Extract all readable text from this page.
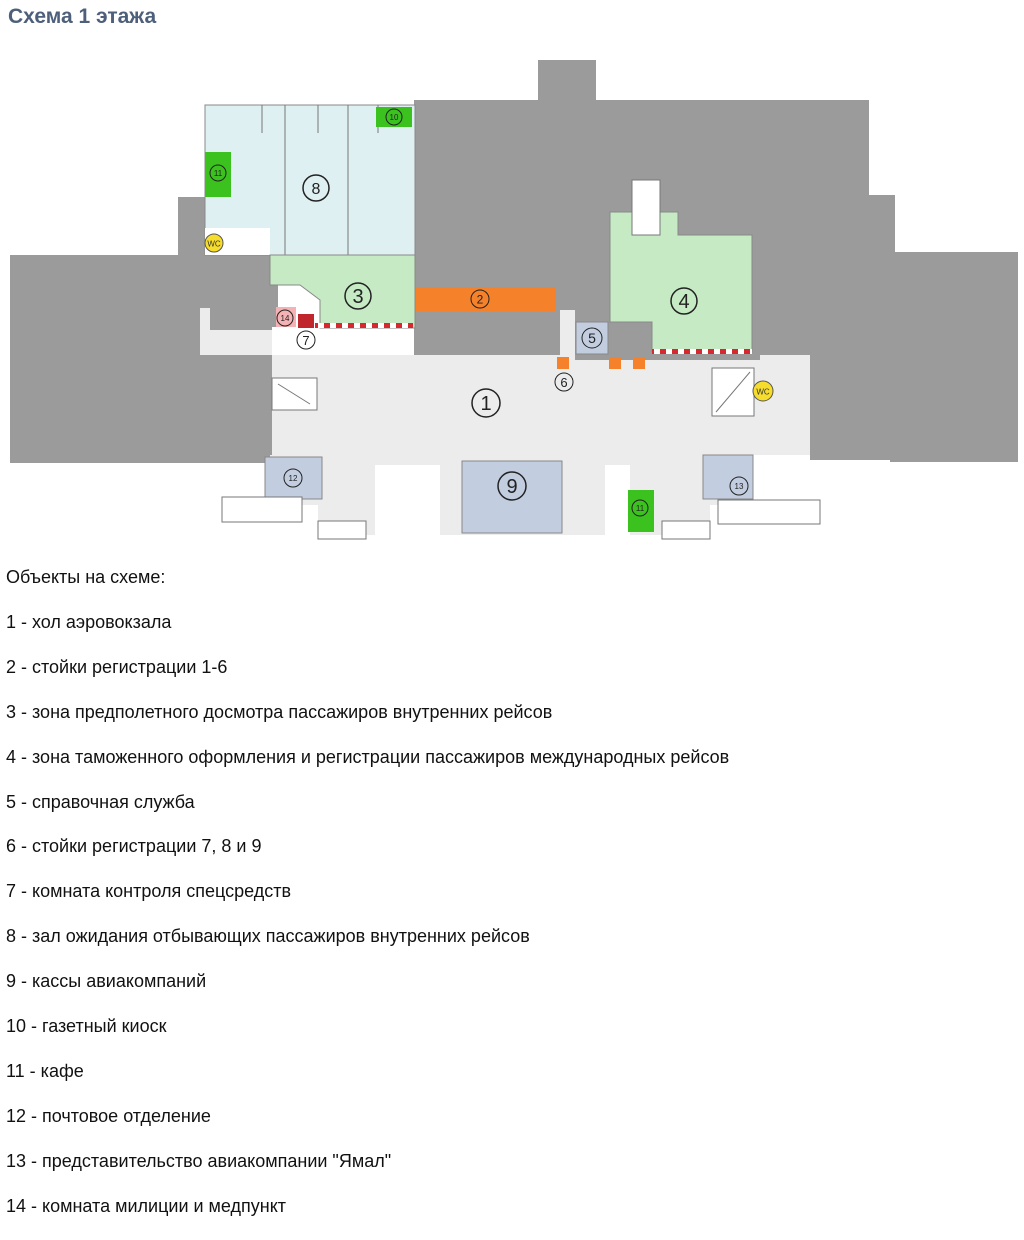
Схема 1 этажа
WC
WC
1
2
3	4
5
6
7
8
9
10
11
11
12
13
14

Объекты на схеме:

1 - хол аэровокзала
2 - стойки регистрации 1-6
3 - зона предполетного досмотра пассажиров внутренних рейсов
4 - зона таможенного оформления и регистрации пассажиров международных рейсов
5 - справочная служба
6 - стойки регистрации 7, 8 и 9
7 - комната контроля спецсредств
8 - зал ожидания отбывающих пассажиров внутренних рейсов
9 - кассы авиакомпаний
10 - газетный киоск
11 - кафе
12 - почтовое отделение
13 - представительство авиакомпании "Ямал"
14 - комната милиции и медпункт
